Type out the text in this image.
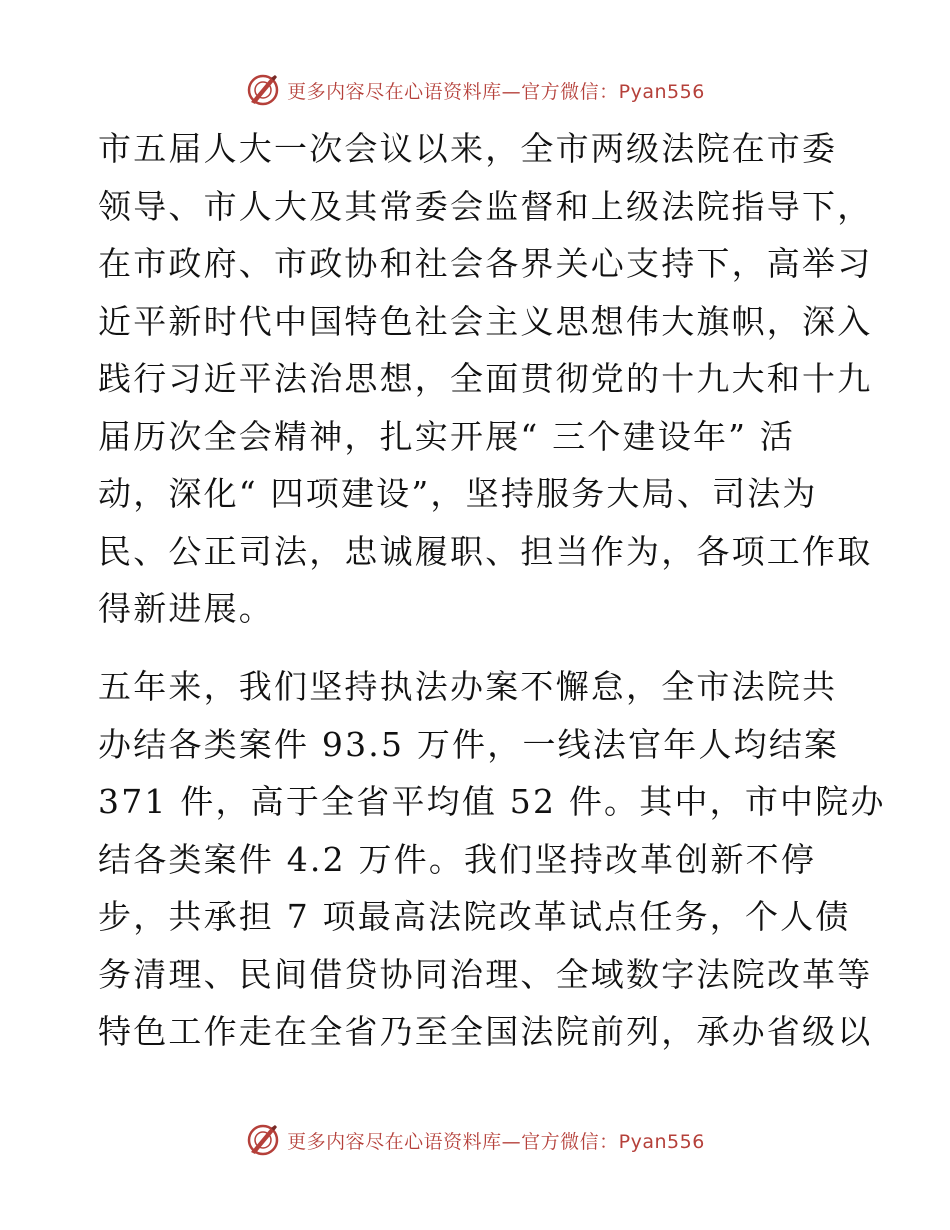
更多内容尽在心语资料库—官方微信：Pyan556
市五届人大一次会议以来，全市两级法院在市委
领导、市人大及其常委会监督和上级法院指导下，
在市政府、市政协和社会各界关心支持下，高举习
近平新时代中国特色社会主义思想伟大旗帜，深入
践行习近平法治思想，全面贯彻党的十九大和十九
届历次全会精神，扎实开展“ 三个建设年” 活
动，深化“ 四项建设”，坚持服务大局、司法为
民、公正司法，忠诚履职、担当作为，各项工作取
得新进展。
五年来，我们坚持执法办案不懈怠，全市法院共
办结各类案件 93.5 万件，一线法官年人均结案
371 件，高于全省平均值 52 件。其中，市中院办
结各类案件 4.2 万件。我们坚持改革创新不停
步，共承担 7 项最高法院改革试点任务，个人债
务清理、民间借贷协同治理、全域数字法院改革等
特色工作走在全省乃至全国法院前列，承办省级以
更多内容尽在心语资料库—官方微信：Pyan556
